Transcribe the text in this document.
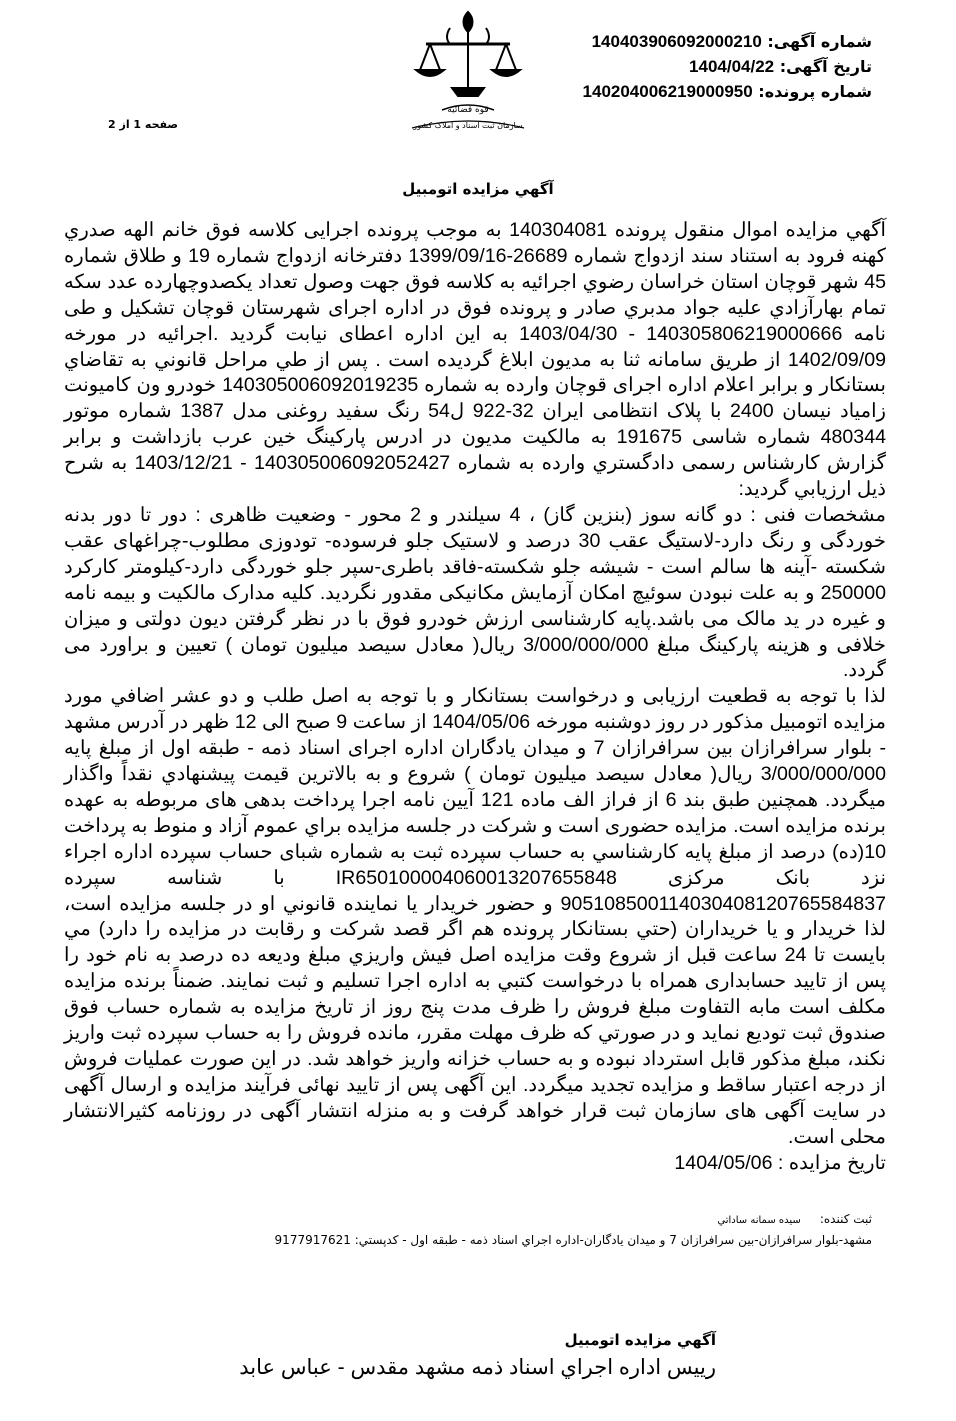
شماره آگهی: 14040390609200021​0
تاریخ آگهی: 1404/04/22
شماره پرونده: 14020400621900095​0
قوه قضائيه
سازمان ثبت اسناد و املاک کشور
صفحه 1 از 2
آگهي مزايده اتومبيل

آگهي مزايده اموال منقول پرونده 140304081 به موجب پرونده اجرایی کلاسه فوق خانم الهه صدري کهنه فرود به استناد سند ازدواج شماره 26689-1399/09/16 دفترخانه ازدواج شماره 19 و طلاق شماره 45 شهر قوچان استان خراسان رضوي اجرائیه به کلاسه فوق جهت وصول تعداد یکصدوچهارده عدد سکه تمام بهارآزادي علیه جواد مدبري صادر و پرونده فوق در اداره اجرای شهرستان قوچان تشکیل و طی نامه 140305806219000666 - 1403/04/30 به این اداره اعطای نیابت گردید .اجرائیه در مورخه 1402/09/09 از طریق سامانه ثنا به مدیون ابلاغ گردیده است . پس از طي مراحل قانوني به تقاضاي بستانکار و برابر اعلام اداره اجرای قوچان وارده به شماره 140305006092019235 خودرو ون کامیونت زامیاد نیسان 2400 با پلاک انتظامی ایران 32-922 ل54 رنگ سفید روغنی مدل 1387 شماره موتور 480344 شماره شاسی 191675 به مالکیت مدیون در ادرس پارکینگ خین عرب بازداشت و برابر گزارش کارشناس رسمی دادگستري وارده به شماره 140305006092052427 - 1403/12/21 به شرح ذیل ارزیابي گردید:

مشخصات فنی : دو گانه سوز (بنزین گاز) ، 4 سیلندر و 2 محور - وضعیت ظاهری : دور تا دور بدنه خوردگی و رنگ دارد-لاستیگ عقب 30 درصد و لاستیک جلو فرسوده- تودوزی مطلوب-چراغهای عقب شکسته -آینه ها سالم است - شیشه جلو شکسته-فاقد باطری-سپر جلو خوردگی دارد-کیلومتر کارکرد 250000 و به علت نبودن سوئیچ امکان آزمایش مکانیکی مقدور نگردید. کلیه مدارک مالکیت و بیمه نامه و غیره در ید مالک می باشد.پایه کارشناسی ارزش خودرو فوق با در نظر گرفتن دیون دولتی و میزان خلافی و هزینه پارکینگ مبلغ 3/000/000/000 ریال( معادل سیصد میلیون تومان ) تعیین و براورد می گردد.

لذا با توجه به قطعیت ارزیابی و درخواست بستانکار و با توجه به اصل طلب و دو عشر اضافي مورد مزايده اتومبیل مذکور در روز دوشنبه مورخه 1404/05/06 از ساعت 9 صبح الی 12 ظهر در آدرس مشهد - بلوار سرافرازان بین سرافرازان 7 و میدان یادگاران اداره اجرای اسناد ذمه - طبقه اول از مبلغ پایه 3/000/000/000 ریال( معادل سیصد میلیون تومان ) شروع و به بالاترین قیمت پیشنهادي نقداً واگذار میگردد. همچنین طبق بند 6 از فراز الف ماده 121 آیین نامه اجرا پرداخت بدهی های مربوطه به عهده برنده مزایده است. مزایده حضوری است و شرکت در جلسه مزايده براي عموم آزاد و منوط به پرداخت 10(ده) درصد از مبلغ پایه کارشناسي به حساب سپرده ثبت به شماره شبای حساب سپرده اداره اجراء نزد بانک مرکزی IR650100004060013207655848 با شناسه سپرده 905108500114030408120765584837 و حضور خريدار يا نماينده قانوني او در جلسه مزايده است، لذا خريدار و يا خريداران (حتي بستانکار پرونده هم اگر قصد شرکت و رقابت در مزايده را دارد) مي بايست تا 24 ساعت قبل از شروع وقت مزایده اصل فیش واریزي مبلغ وديعه ده درصد به نام خود را پس از تایید حسابداری همراه با درخواست کتبي به اداره اجرا تسليم و ثبت نمايند. ضمناً برنده مزايده مکلف است مابه التفاوت مبلغ فروش را ظرف مدت پنج روز از تاريخ مزايده به شماره حساب فوق صندوق ثبت توديع نمايد و در صورتي که ظرف مهلت مقرر، مانده فروش را به حساب سپرده ثبت واریز نکند، مبلغ مذکور قابل استرداد نبوده و به حساب خزانه واريز خواهد شد. در این صورت عملیات فروش از درجه اعتبار ساقط و مزایده تجدید میگردد. این آگهی پس از تایید نهائی فرآیند مزایده و ارسال آگهی در سایت آگهی های سازمان ثبت قرار خواهد گرفت و به منزله انتشار آگهی در روزنامه کثیرالانتشار محلی است.

تاریخ مزایده : 1404/05/06

ثبت کننده:     سیده سمانه ساداتي
مشهد-بلوار سرافرازان-بين سرافرازان 7 و ميدان يادگاران-اداره اجراي اسناد ذمه - طبقه اول - کدپستي: 9177917621
آگهي مزايده اتومبيل
رييس اداره اجراي اسناد ذمه مشهد مقدس - عباس عابد
